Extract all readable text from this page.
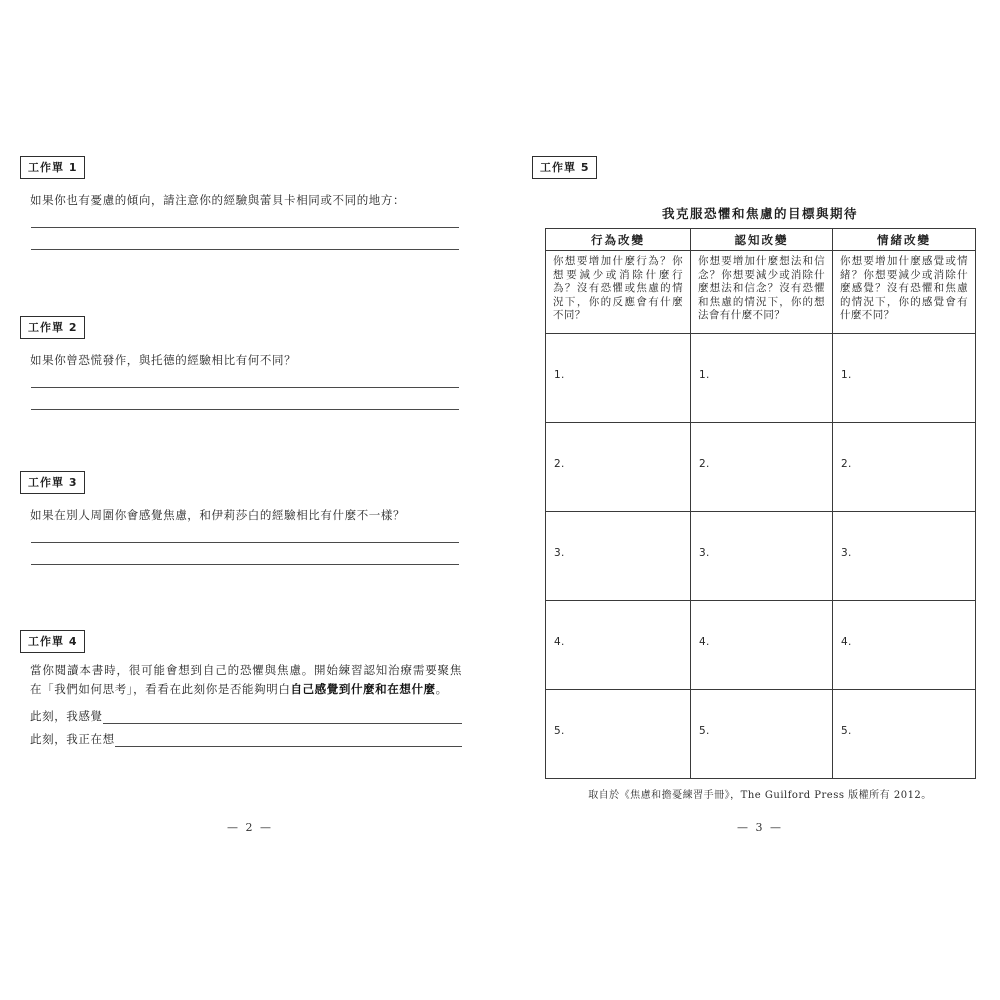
工作單 1

如果你也有憂慮的傾向，請注意你的經驗與蕾貝卡相同或不同的地方：

工作單 2

如果你曾恐慌發作，與托德的經驗相比有何不同？

工作單 3

如果在別人周圍你會感覺焦慮，和伊莉莎白的經驗相比有什麼不一樣？

工作單 4

當你閱讀本書時，很可能會想到自己的恐懼與焦慮。開始練習認知治療需要聚焦在「我們如何思考」，看看在此刻你是否能夠明白自己感覺到什麼和在想什麼。

此刻，我感覺
此刻，我正在想
— 2 —
工作單 5
我克服恐懼和焦慮的目標與期待
行為改變	認知改變	情緒改變
你想要增加什麼行為？你想要減少或消除什麼行為？沒有恐懼或焦慮的情況下，你的反應會有什麼不同？	你想要增加什麼想法和信念？你想要減少或消除什麼想法和信念？沒有恐懼和焦慮的情況下，你的想法會有什麼不同？	你想要增加什麼感覺或情緒？你想要減少或消除什麼感覺？沒有恐懼和焦慮的情況下，你的感覺會有什麼不同？
1.	1.	1.
2.	2.	2.
3.	3.	3.
4.	4.	4.
5.	5.	5.

取自於《焦慮和擔憂練習手冊》，The Guilford Press 版權所有 2012。

— 3 —
